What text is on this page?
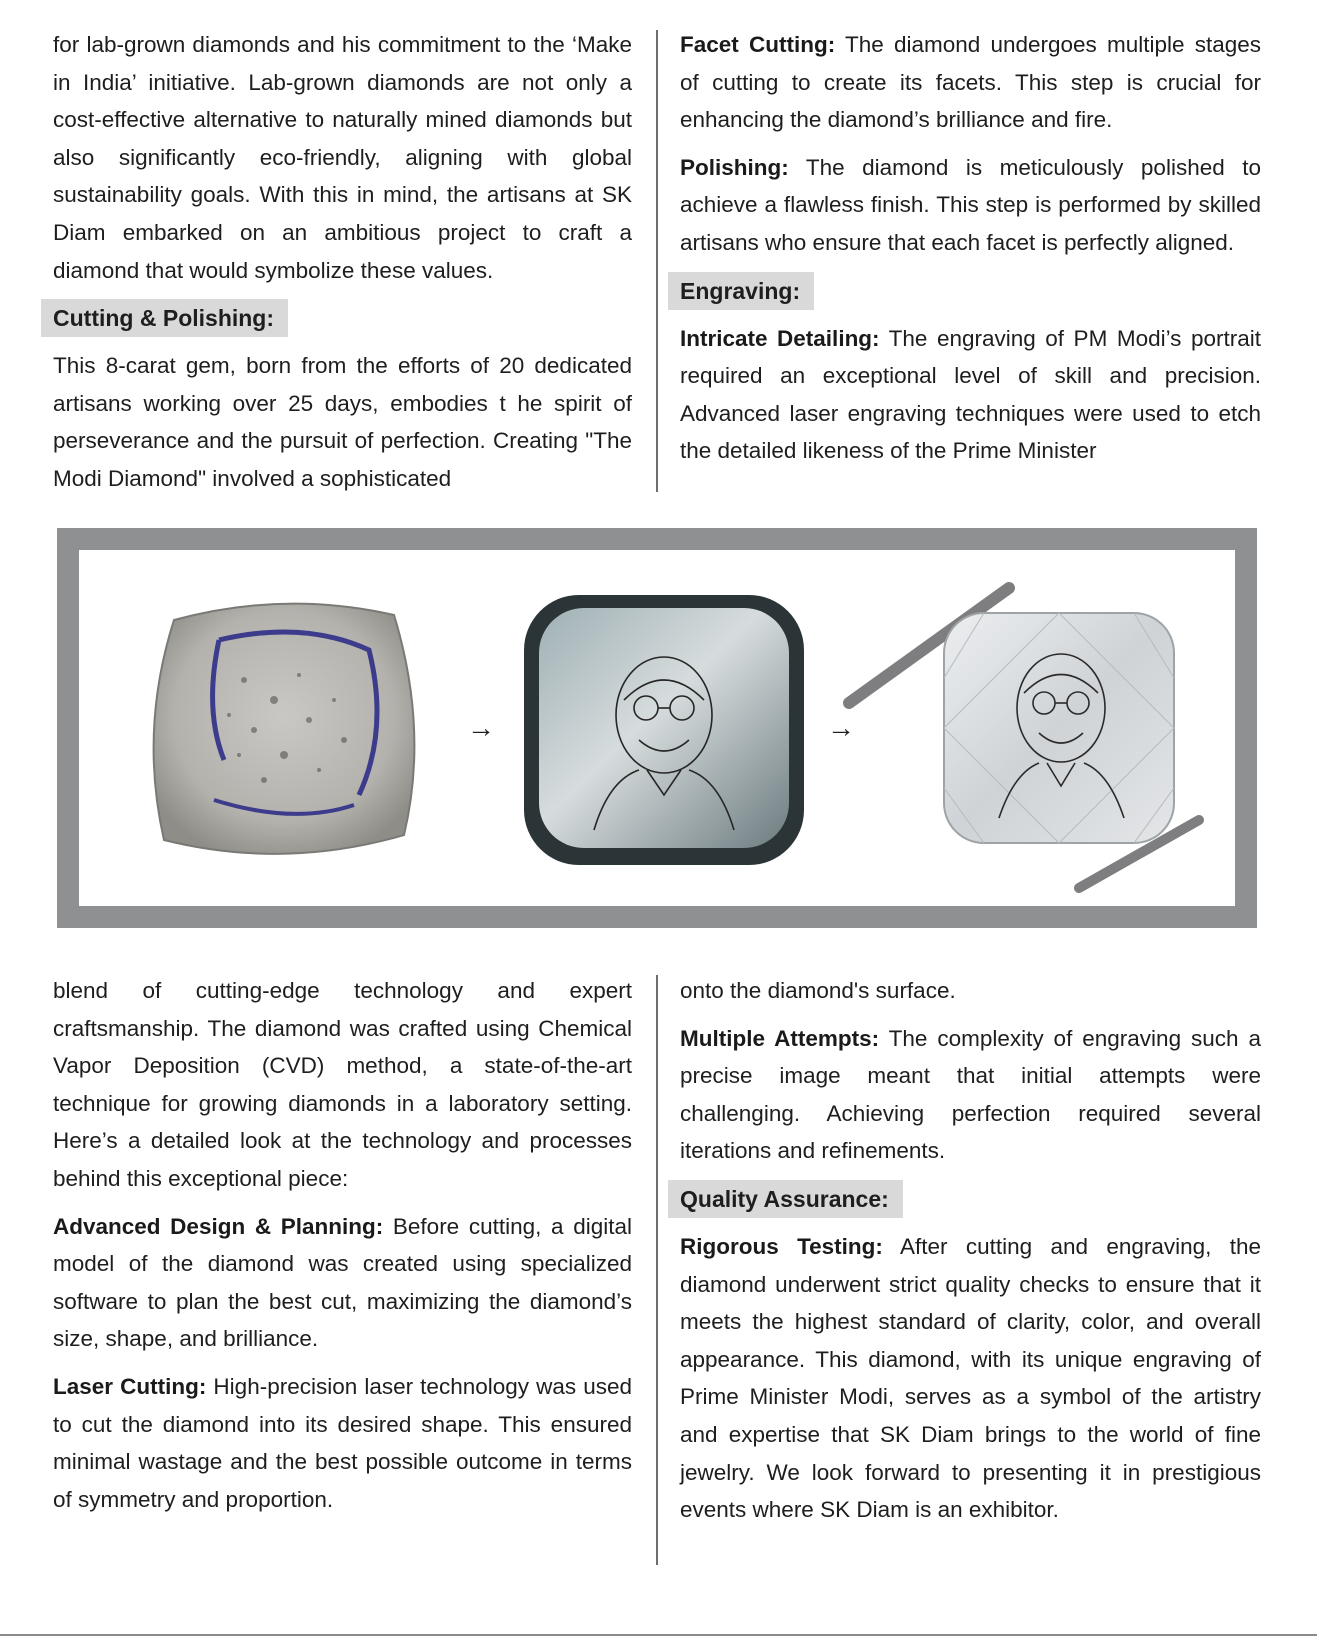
for lab-grown diamonds and his commitment to the ‘Make in India’ initiative. Lab-grown diamonds are not only a cost-effective alternative to naturally mined diamonds but also significantly eco-friendly, aligning with global sustainability goals. With this in mind, the artisans at SK Diam embarked on an ambitious project to craft a diamond that would symbolize these values.

Cutting & Polishing:

This 8-carat gem, born from the efforts of 20 dedicated artisans working over 25 days, embodies t he spirit of perseverance and the pursuit of perfection. Creating "The Modi Diamond" involved a sophisticated

Facet Cutting: The diamond undergoes multiple stages of cutting to create its facets. This step is crucial for enhancing the diamond’s brilliance and fire.

Polishing: The diamond is meticulously polished to achieve a flawless finish. This step is performed by skilled artisans who ensure that each facet is perfectly aligned.

Engraving:

Intricate Detailing: The engraving of PM Modi’s portrait required an exceptional level of skill and precision. Advanced laser engraving techniques were used to etch the detailed likeness of the Prime Minister

→	→

blend of cutting-edge technology and expert craftsmanship. The diamond was crafted using Chemical Vapor Deposition (CVD) method, a state-of-the-art technique for growing diamonds in a laboratory setting. Here’s a detailed look at the technology and processes behind this exceptional piece:

Advanced Design & Planning: Before cutting, a digital model of the diamond was created using specialized software to plan the best cut, maximizing the diamond’s size, shape, and brilliance.

Laser Cutting: High-precision laser technology was used to cut the diamond into its desired shape. This ensured minimal wastage and the best possible outcome in terms of symmetry and proportion.

onto the diamond's surface.

Multiple Attempts: The complexity of engraving such a precise image meant that initial attempts were challenging. Achieving perfection required several iterations and refinements.

Quality Assurance:

Rigorous Testing: After cutting and engraving, the diamond underwent strict quality checks to ensure that it meets the highest standard of clarity, color, and overall appearance. This diamond, with its unique engraving of Prime Minister Modi, serves as a symbol of the artistry and expertise that SK Diam brings to the world of fine jewelry. We look forward to presenting it in prestigious events where SK Diam is an exhibitor.
